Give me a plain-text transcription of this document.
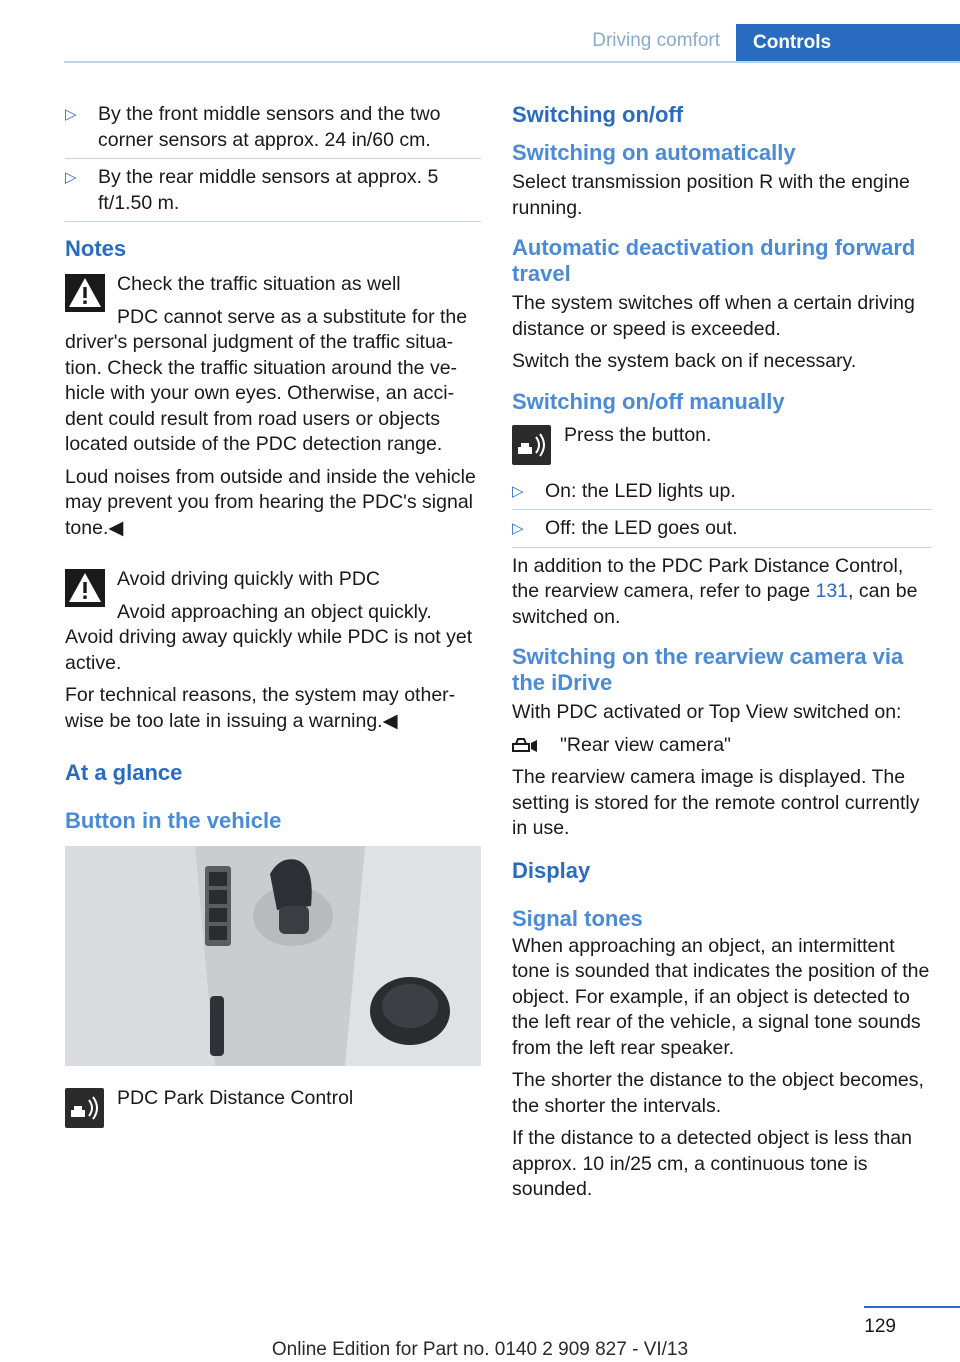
Driving comfort	Controls
▷ By the front middle sensors and the two corner sensors at approx. 24 in/60 cm.
▷ By the rear middle sensors at approx. 5 ft/1.50 m.
Notes

Check the traffic situation as well

PDC cannot serve as a substitute for the

driver's personal judgment of the traffic situation. Check the traffic situation around the vehicle with your own eyes. Otherwise, an accident could result from road users or objects located outside of the PDC detection range.

Loud noises from outside and inside the vehicle may prevent you from hearing the PDC's signal tone.◀

Avoid driving quickly with PDC

Avoid approaching an object quickly.

Avoid driving away quickly while PDC is not yet active.

For technical reasons, the system may otherwise be too late in issuing a warning.◀

At a glance
Button in the vehicle

PDC Park Distance Control

Switching on/off
Switching on automatically

Select transmission position R with the engine running.

Automatic deactivation during forward travel

The system switches off when a certain driving distance or speed is exceeded.

Switch the system back on if necessary.

Switching on/off manually

Press the button.

▷ On: the LED lights up.
▷ Off: the LED goes out.

In addition to the PDC Park Distance Control, the rearview camera, refer to page 131, can be switched on.

Switching on the rearview camera via the iDrive

With PDC activated or Top View switched on:

"Rear view camera"

The rearview camera image is displayed. The setting is stored for the remote control currently in use.

Display
Signal tones

When approaching an object, an intermittent tone is sounded that indicates the position of the object. For example, if an object is detected to the left rear of the vehicle, a signal tone sounds from the left rear speaker.

The shorter the distance to the object becomes, the shorter the intervals.

If the distance to a detected object is less than approx. 10 in/25 cm, a continuous tone is sounded.

129
Online Edition for Part no. 0140 2 909 827 - VI/13
